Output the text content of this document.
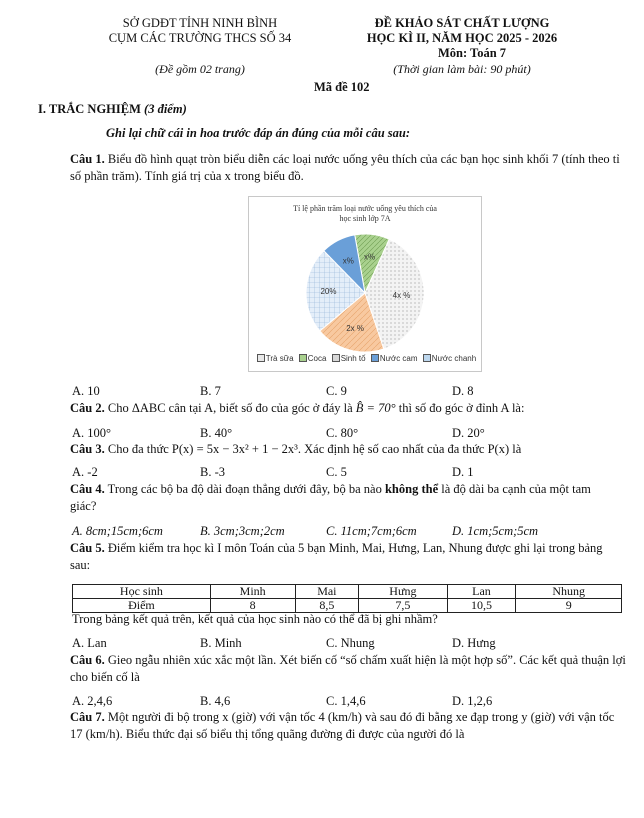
SỞ GDĐT TỈNH NINH BÌNH
CỤM CÁC TRƯỜNG THCS SỐ 34
(Đề gồm 02 trang)
ĐỀ KHẢO SÁT CHẤT LƯỢNG
HỌC KÌ II, NĂM HỌC 2025 - 2026
Môn: Toán 7
(Thời gian làm bài: 90 phút)
Mã đề 102
I. TRẮC NGHIỆM (3 điểm)
Ghi lại chữ cái in hoa trước đáp án đúng của mỗi câu sau:
Câu 1. Biểu đồ hình quạt tròn biểu diễn các loại nước uống yêu thích của các bạn học sinh khối 7 (tính theo tỉ số phần trăm). Tính giá trị của x trong biểu đồ.
Tỉ lệ phần trăm loại nước uống yêu thích của
học sinh lớp 7A
x%
4x %
2x %
20%
x%
Trà sữa Coca Sinh tố Nước cam Nước chanh
A. 10	B. 7	C. 9	D. 8
Câu 2. Cho ΔABC cân tại A, biết số đo của góc ở đáy là B̂ = 70° thì số đo góc ở đỉnh A là:
A. 100°	B. 40°	C. 80°	D. 20°
Câu 3. Cho đa thức P(x) = 5x − 3x² + 1 − 2x³. Xác định hệ số cao nhất của đa thức P(x) là
A. -2	B. -3	C. 5	D. 1
Câu 4. Trong các bộ ba độ dài đoạn thẳng dưới đây, bộ ba nào không thể là độ dài ba cạnh của một tam giác?
A. 8cm;15cm;6cm	B. 3cm;3cm;2cm	C. 11cm;7cm;6cm	D. 1cm;5cm;5cm
Câu 5. Điểm kiểm tra học kì I môn Toán của 5 bạn Minh, Mai, Hưng, Lan, Nhung được ghi lại trong bảng sau:
Học sinh	Minh	Mai	Hưng	Lan	Nhung
Điểm	8	8,5	7,5	10,5	9
Trong bảng kết quả trên, kết quả của học sinh nào có thể đã bị ghi nhầm?
A. Lan	B. Minh	C. Nhung	D. Hưng
Câu 6. Gieo ngẫu nhiên xúc xắc một lần. Xét biến cố “số chấm xuất hiện là một hợp số”. Các kết quả thuận lợi cho biến cố là
A. 2,4,6	B. 4,6	C. 1,4,6	D. 1,2,6
Câu 7. Một người đi bộ trong x (giờ) với vận tốc 4 (km/h) và sau đó đi bằng xe đạp trong y (giờ) với vận tốc 17 (km/h). Biểu thức đại số biểu thị tổng quãng đường đi được của người đó là
